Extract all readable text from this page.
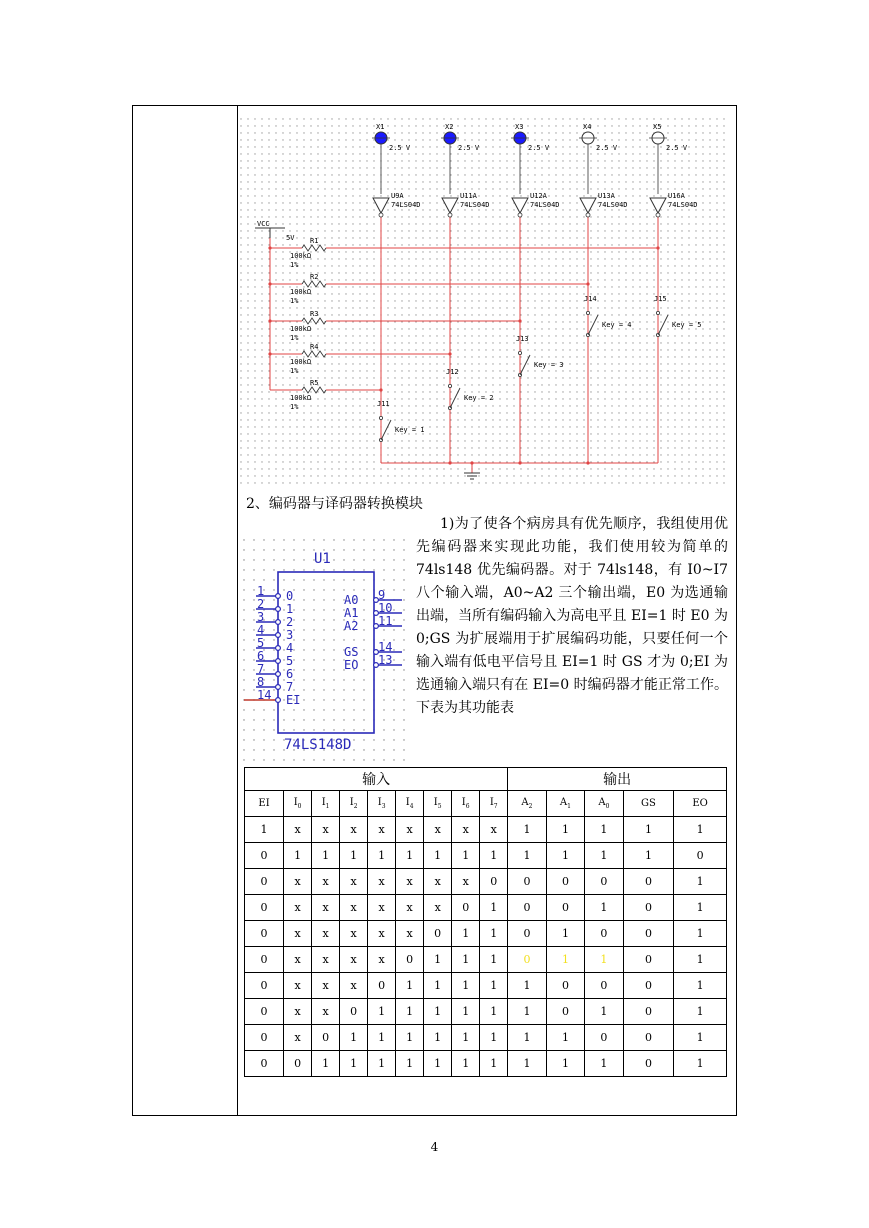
VCC
5V
X1
2.5 V
X2
2.5 V
X3
2.5 V
X4
2.5 V
X5
2.5 V
U9A
74LS04D
U11A
74LS04D
U12A
74LS04D
U13A
74LS04D
U16A
74LS04D
R1
100kΩ
1%
R2
100kΩ
1%
R3
100kΩ
1%
R4
100kΩ
1%
R5
100kΩ
1%	J11
Key = 1
J12
Key = 2
J13
Key = 3
J14
Key = 4
J15
Key = 5
2、编码器与译码器转换模块
1)为了使各个病房具有优先顺序，我组使用优先编码器来实现此功能，我们使用较为简单的 74ls148 优先编码器。对于 74ls148，有 I0~I7 八个输入端，A0~A2 三个输出端，E0 为选通输出端，当所有编码输入为高电平且 EI=1 时 E0 为 0;GS 为扩展端用于扩展编码功能，只要任何一个输入端有低电平信号且 EI=1 时 GS 才为 0;EI 为选通输入端只有在 EI=0 时编码器才能正常工作。下表为其功能表
U1
74LS148D
1 0
2 1
3 2
4 3
5 4
6 5
7 6
8 7
14 EI
9
A0
10
A1
11
A2
14
GS
13
EO
输入									输出				
EI	$I_0$	$I_1$	$I_2$	$I_3$	$I_4$	$I_5$	$I_6$	$I_7$	$A_2$	$A_1$	$A_0$	GS	EO
1	x	x	x	x	x	x	x	x	1	1	1	1	1
0	1	1	1	1	1	1	1	1	1	1	1	1	0
0	x	x	x	x	x	x	x	0	0	0	0	0	1
0	x	x	x	x	x	x	0	1	0	0	1	0	1
0	x	x	x	x	x	0	1	1	0	1	0	0	1
0	x	x	x	x	0	1	1	1	0	1	1	0	1
0	x	x	x	0	1	1	1	1	1	0	0	0	1
0	x	x	0	1	1	1	1	1	1	0	1	0	1
0	x	0	1	1	1	1	1	1	1	1	0	0	1
0	0	1	1	1	1	1	1	1	1	1	1	0	1
4
